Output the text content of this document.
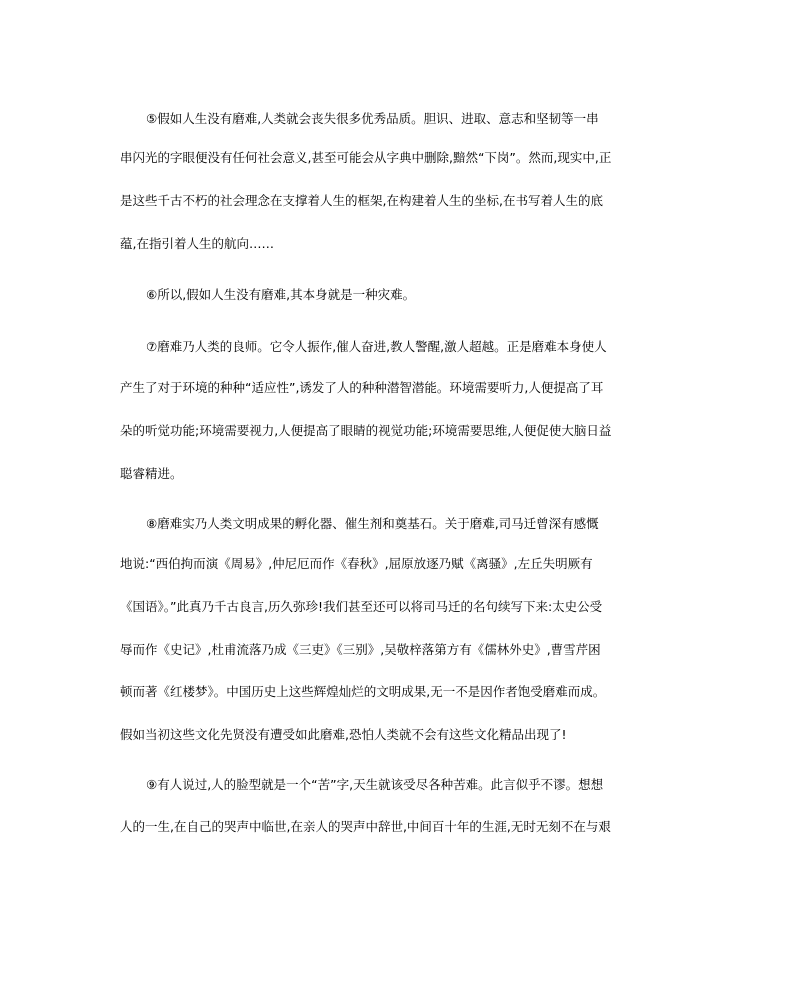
⑤假如人生没有磨难,人类就会丧失很多优秀品质。胆识、进取、意志和坚韧等一串
串闪光的字眼便没有任何社会意义,甚至可能会从字典中删除,黯然“下岗”。然而,现实中,正
是这些千古不朽的社会理念在支撑着人生的框架,在构建着人生的坐标,在书写着人生的底
蕴,在指引着人生的航向……
⑥所以,假如人生没有磨难,其本身就是一种灾难。
⑦磨难乃人类的良师。它令人振作,催人奋进,教人警醒,激人超越。正是磨难本身使人
产生了对于环境的种种“适应性”,诱发了人的种种潜智潜能。环境需要听力,人便提高了耳
朵的听觉功能;环境需要视力,人便提高了眼睛的视觉功能;环境需要思维,人便促使大脑日益
聪睿精进。
⑧磨难实乃人类文明成果的孵化器、催生剂和奠基石。关于磨难,司马迁曾深有感慨
地说:“西伯拘而演《周易》,仲尼厄而作《春秋》,屈原放逐乃赋《离骚》,左丘失明厥有
《国语》。”此真乃千古良言,历久弥珍!我们甚至还可以将司马迁的名句续写下来:太史公受
辱而作《史记》,杜甫流落乃成《三吏》《三别》,吴敬梓落第方有《儒林外史》,曹雪芹困
顿而著《红楼梦》。中国历史上这些辉煌灿烂的文明成果,无一不是因作者饱受磨难而成。
假如当初这些文化先贤没有遭受如此磨难,恐怕人类就不会有这些文化精品出现了!
⑨有人说过,人的脸型就是一个“苦”字,天生就该受尽各种苦难。此言似乎不谬。想想
人的一生,在自己的哭声中临世,在亲人的哭声中辞世,中间百十年的生涯,无时无刻不在与艰
